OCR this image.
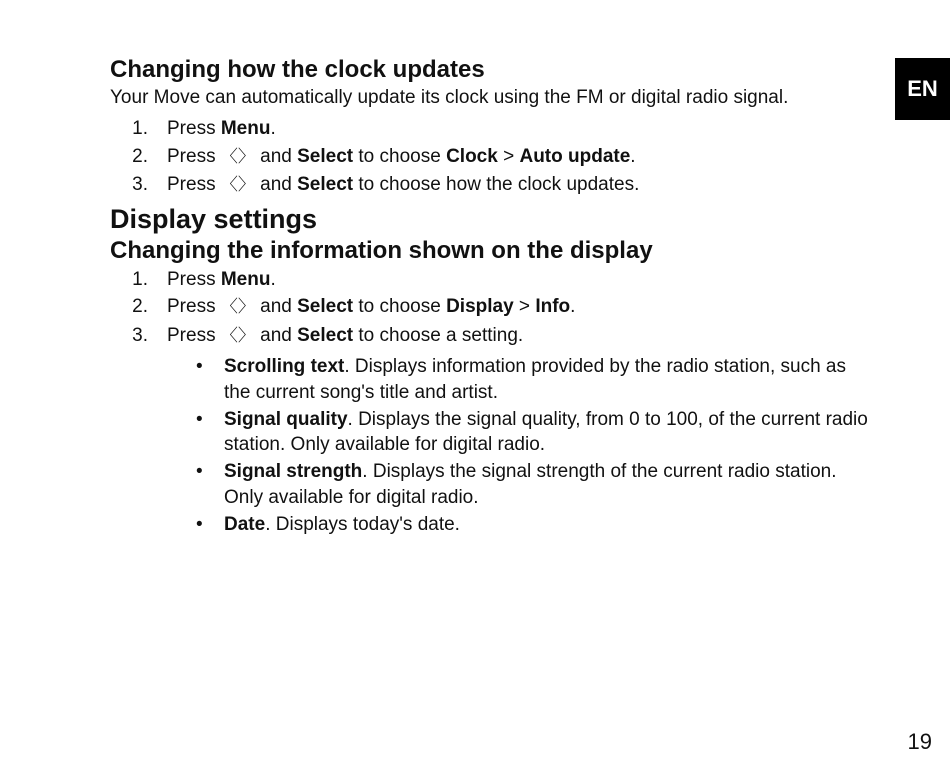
EN
Changing how the clock updates

Your Move can automatically update its clock using the FM or digital radio signal.

1. Press Menu.
2. Press 〈〉 and Select to choose Clock > Auto update.
3. Press 〈〉 and Select to choose how the clock updates.
Display settings
Changing the information shown on the display
1. Press Menu.
2. Press 〈〉 and Select to choose Display > Info.
3. Press 〈〉 and Select to choose a setting.
• Scrolling text. Displays information provided by the radio station, such as the current song's title and artist.
• Signal quality. Displays the signal quality, from 0 to 100, of the current radio station. Only available for digital radio.
• Signal strength. Displays the signal strength of the current radio station. Only available for digital radio.
• Date. Displays today's date.
19
